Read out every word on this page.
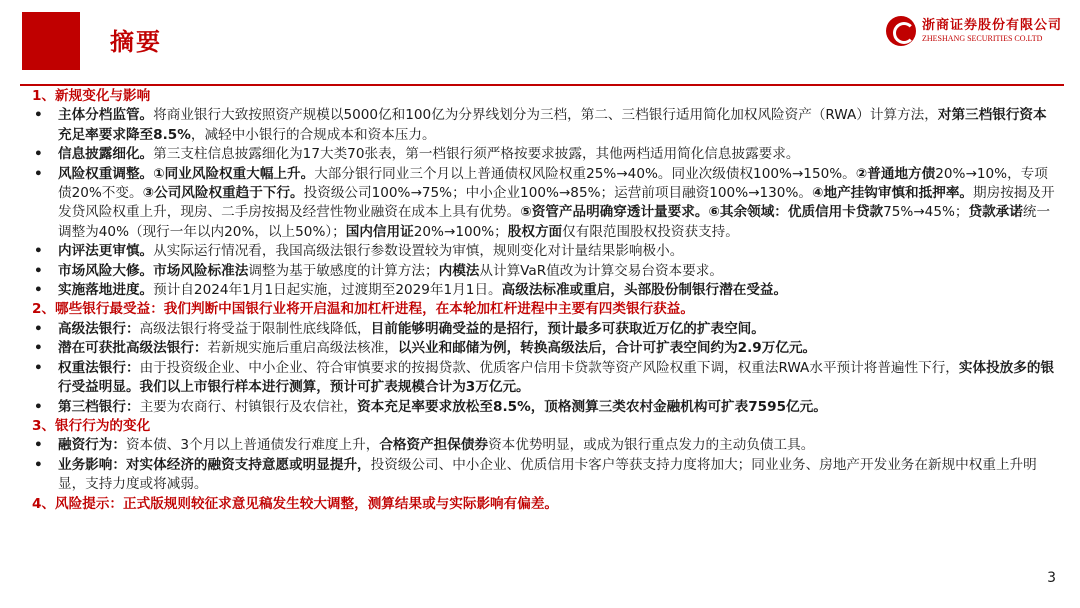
摘要
浙商证券股份有限公司
ZHESHANG SECURITIES CO.LTD
1、新规变化与影响
• 主体分档监管。将商业银行大致按照资产规模以5000亿和100亿为分界线划分为三档，第二、三档银行适用简化加权风险资产（RWA）计算方法，对第三档银行资本充足率要求降至8.5%，减轻中小银行的合规成本和资本压力。
• 信息披露细化。第三支柱信息披露细化为17大类70张表，第一档银行须严格按要求披露，其他两档适用简化信息披露要求。
• 风险权重调整。①同业风险权重大幅上升。大部分银行同业三个月以上普通债权风险权重25%→40%。同业次级债权100%→150%。②普通地方债20%→10%，专项债20%不变。③公司风险权重趋于下行。投资级公司100%→75%；中小企业100%→85%；运营前项目融资100%→130%。④地产挂钩审慎和抵押率。期房按揭及开发贷风险权重上升，现房、二手房按揭及经营性物业融资在成本上具有优势。⑤资管产品明确穿透计量要求。⑥其余领域：优质信用卡贷款75%→45%；贷款承诺统一调整为40%（现行一年以内20%，以上50%）；国内信用证20%→100%；股权方面仅有限范围股权投资获支持。
• 内评法更审慎。从实际运行情况看，我国高级法银行参数设置较为审慎，规则变化对计量结果影响极小。
• 市场风险大修。市场风险标准法调整为基于敏感度的计算方法；内模法从计算VaR值改为计算交易台资本要求。
• 实施落地进度。预计自2024年1月1日起实施，过渡期至2029年1月1日。高级法标准或重启，头部股份制银行潜在受益。
2、哪些银行最受益：我们判断中国银行业将开启温和加杠杆进程，在本轮加杠杆进程中主要有四类银行获益。
• 高级法银行：高级法银行将受益于限制性底线降低，目前能够明确受益的是招行，预计最多可获取近万亿的扩表空间。
• 潜在可获批高级法银行：若新规实施后重启高级法核准，以兴业和邮储为例，转换高级法后，合计可扩表空间约为2.9万亿元。
• 权重法银行：由于投资级企业、中小企业、符合审慎要求的按揭贷款、优质客户信用卡贷款等资产风险权重下调，权重法RWA水平预计将普遍性下行，实体投放多的银行受益明显。我们以上市银行样本进行测算，预计可扩表规模合计为3万亿元。
• 第三档银行：主要为农商行、村镇银行及农信社，资本充足率要求放松至8.5%，顶格测算三类农村金融机构可扩表7595亿元。
3、银行行为的变化
• 融资行为：资本债、3个月以上普通债发行难度上升，合格资产担保债券资本优势明显，或成为银行重点发力的主动负债工具。
• 业务影响：对实体经济的融资支持意愿或明显提升，投资级公司、中小企业、优质信用卡客户等获支持力度将加大；同业业务、房地产开发业务在新规中权重上升明显，支持力度或将减弱。
4、风险提示：正式版规则较征求意见稿发生较大调整，测算结果或与实际影响有偏差。
3
